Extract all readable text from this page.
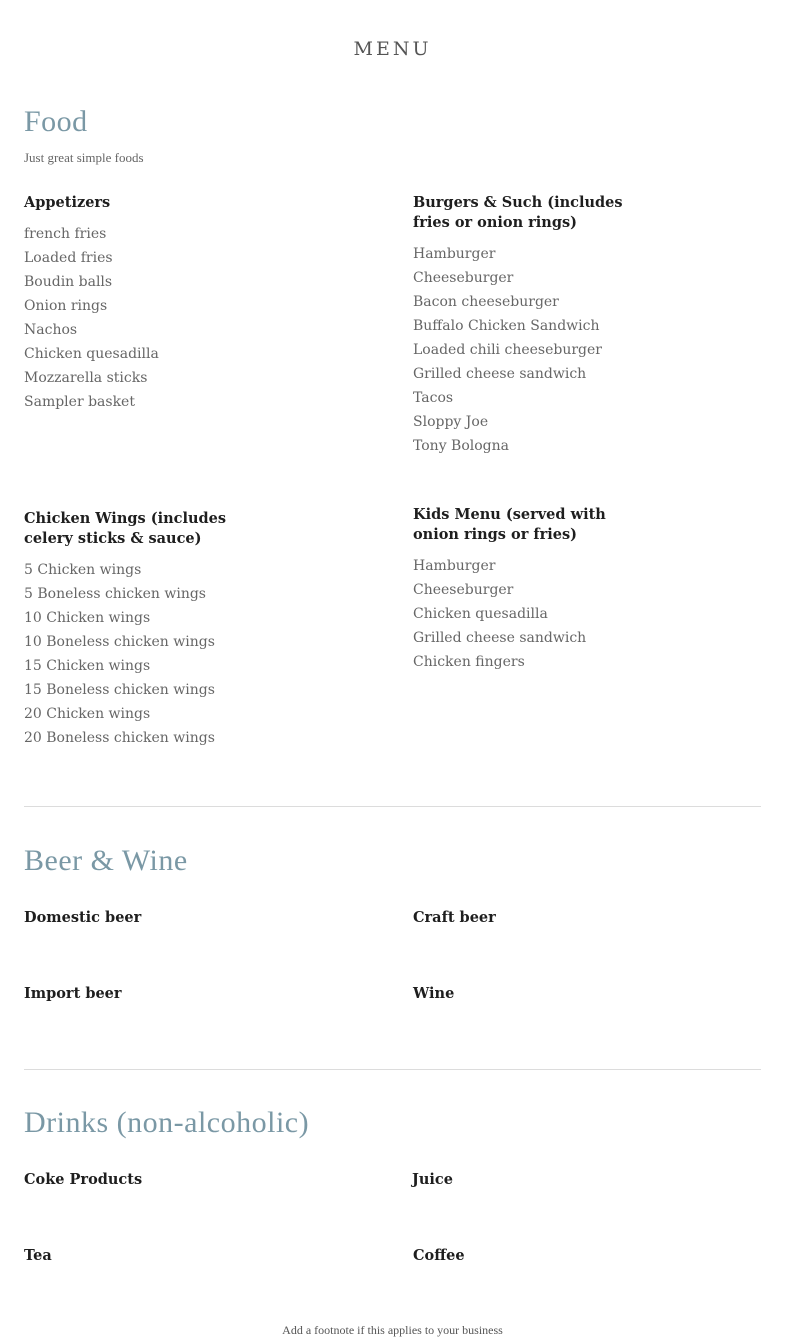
MENU
Food
Just great simple foods
Appetizers
french fries
Loaded fries
Boudin balls
Onion rings
Nachos
Chicken quesadilla
Mozzarella sticks
Sampler basket
Burgers & Such (includes fries or onion rings)
Hamburger
Cheeseburger
Bacon cheeseburger
Buffalo Chicken Sandwich
Loaded chili cheeseburger
Grilled cheese sandwich
Tacos
Sloppy Joe
Tony Bologna
Chicken Wings (includes celery sticks & sauce)
5 Chicken wings
5 Boneless chicken wings
10 Chicken wings
10 Boneless chicken wings
15 Chicken wings
15 Boneless chicken wings
20 Chicken wings
20 Boneless chicken wings
Kids Menu (served with onion rings or fries)
Hamburger
Cheeseburger
Chicken quesadilla
Grilled cheese sandwich
Chicken fingers
Beer & Wine
Domestic beer	Craft beer
Import beer	Wine
Drinks (non-alcoholic)
Coke Products	Juice
Tea	Coffee
Add a footnote if this applies to your business
